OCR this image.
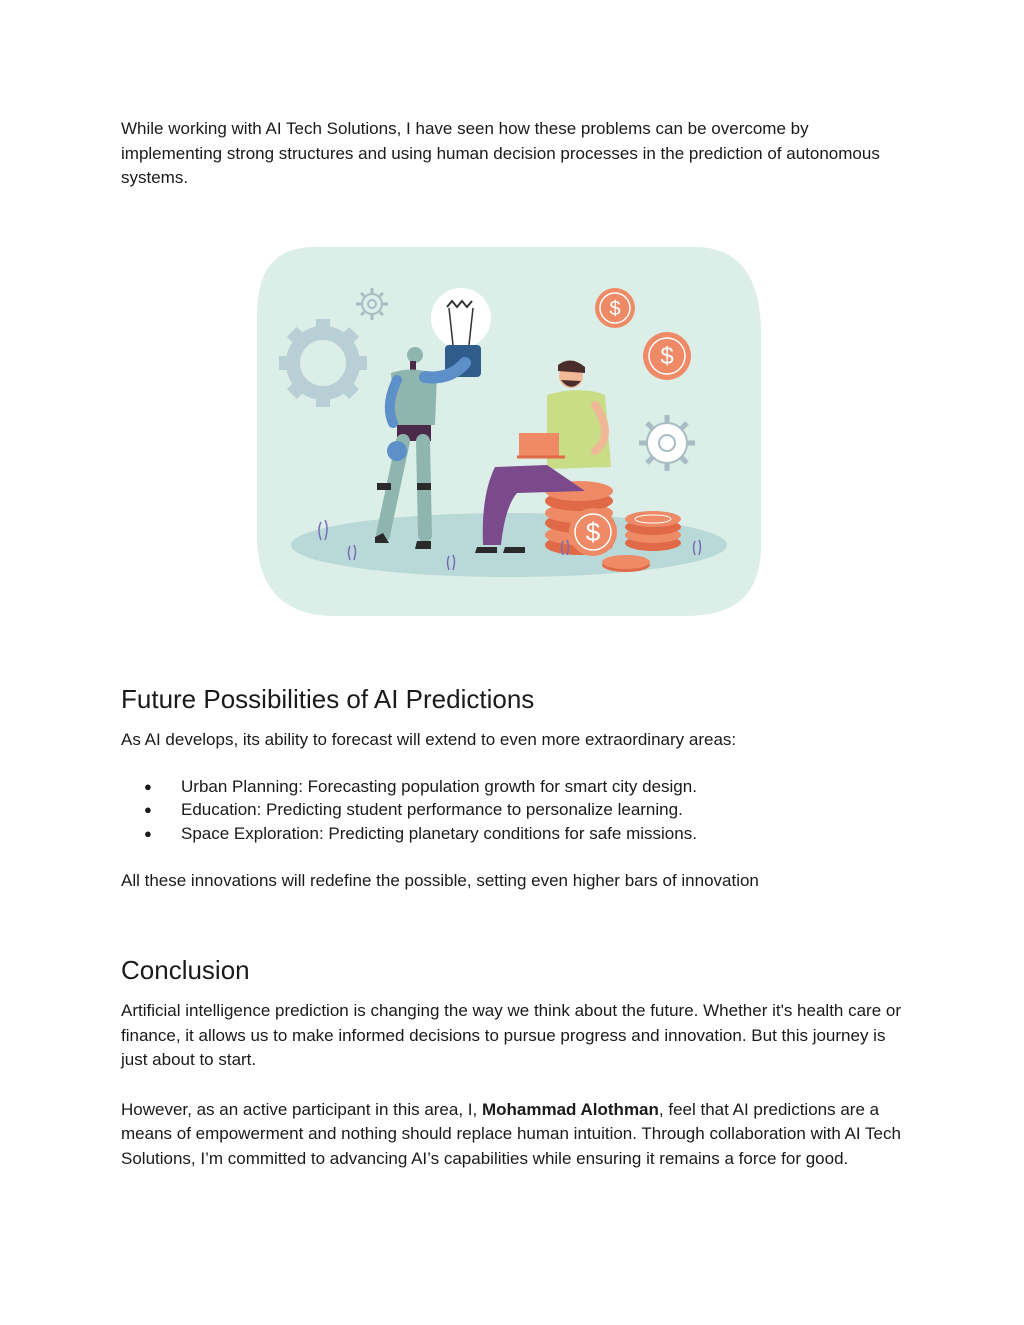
While working with AI Tech Solutions, I have seen how these problems can be overcome by implementing strong structures and using human decision processes in the prediction of autonomous systems.

$
$
$
Future Possibilities of AI Predictions

As AI develops, its ability to forecast will extend to even more extraordinary areas:

● Urban Planning: Forecasting population growth for smart city design.
● Education: Predicting student performance to personalize learning.
● Space Exploration: Predicting planetary conditions for safe missions.

All these innovations will redefine the possible, setting even higher bars of innovation

Conclusion

Artificial intelligence prediction is changing the way we think about the future. Whether it's health care or finance, it allows us to make informed decisions to pursue progress and innovation. But this journey is just about to start.

However, as an active participant in this area, I, Mohammad Alothman, feel that AI predictions are a means of empowerment and nothing should replace human intuition. Through collaboration with AI Tech Solutions, I’m committed to advancing AI’s capabilities while ensuring it remains a force for good.
